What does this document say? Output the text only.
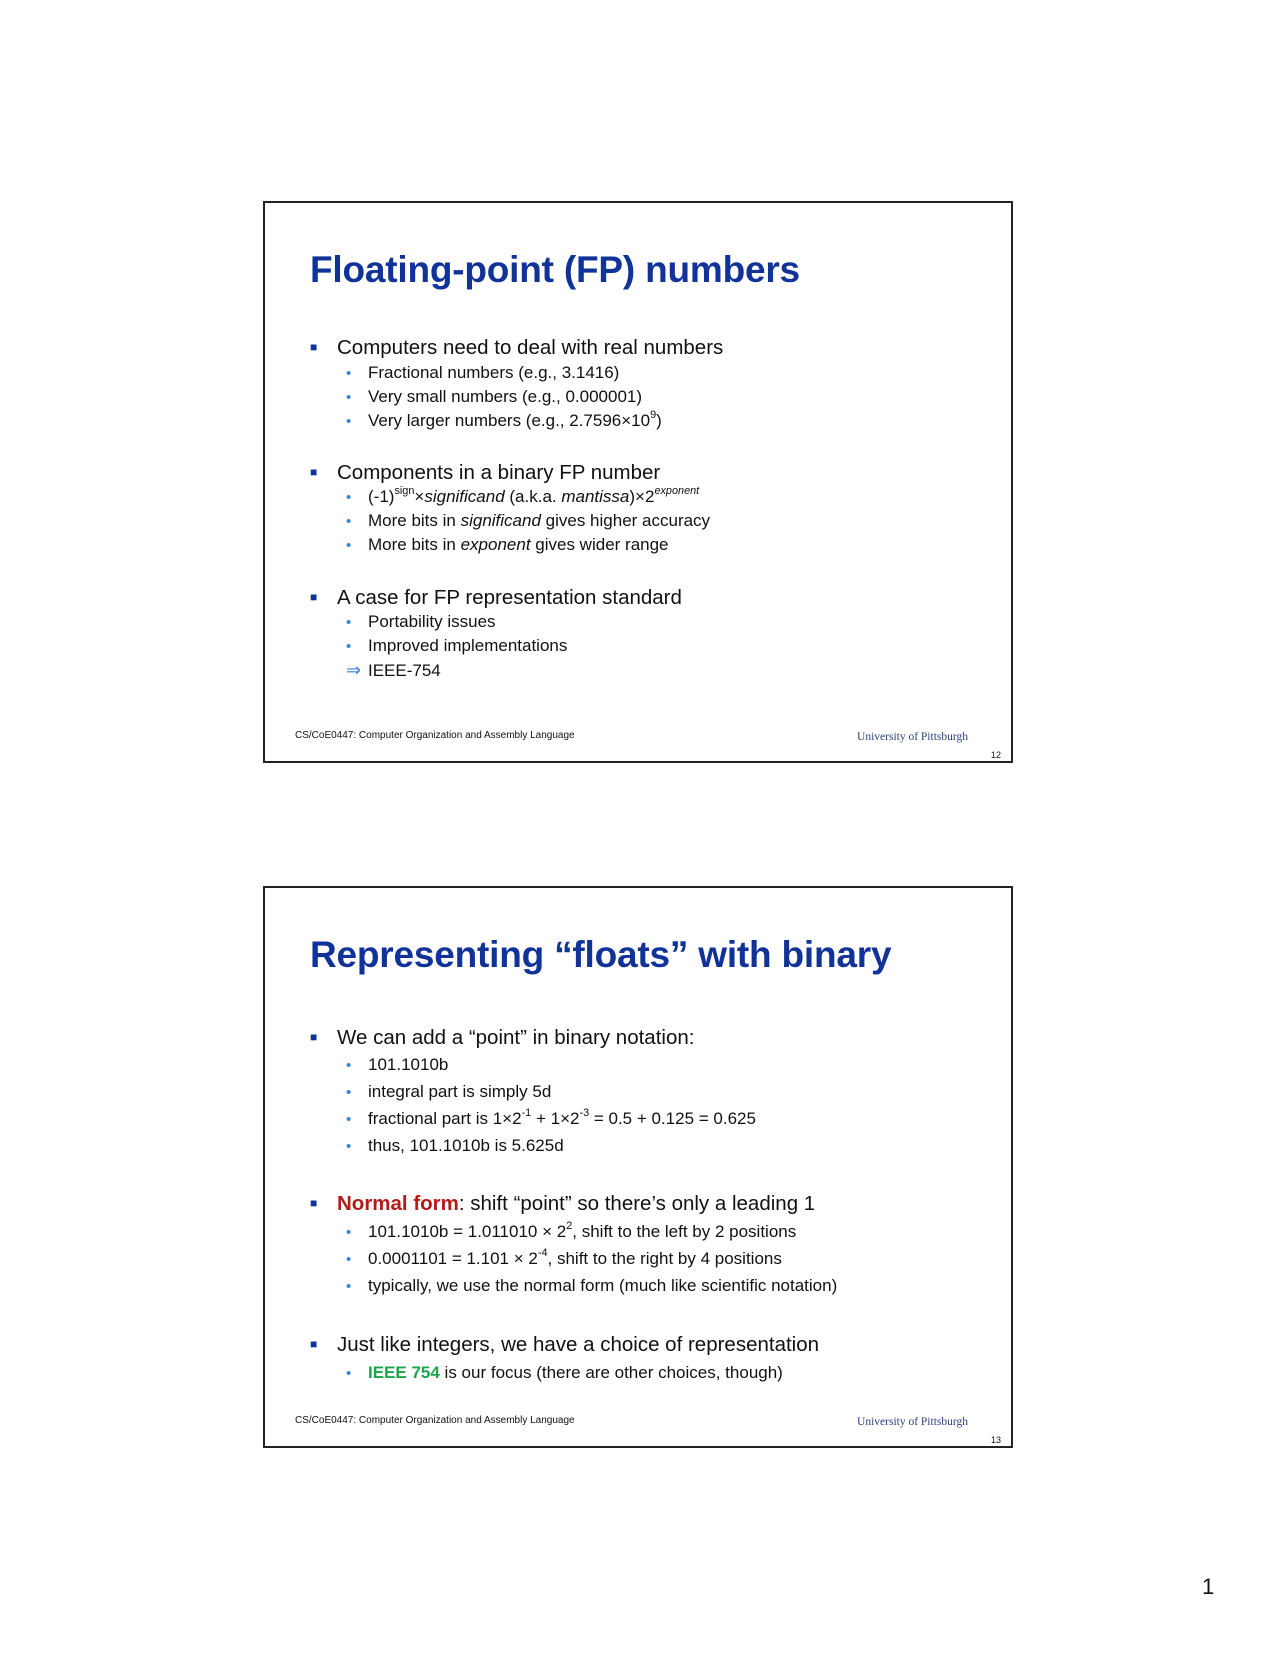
Floating-point (FP) numbers
■ Computers need to deal with real numbers
• Fractional numbers (e.g., 3.1416)
• Very small numbers (e.g., 0.000001)
• Very larger numbers (e.g., $2.7596\times 10^9$)
■ Components in a binary FP number
• $(-1)^{sign}\times significand$ (a.k.a. $mantissa)\times 2^{exponent}$
• More bits in significand gives higher accuracy
• More bits in exponent gives wider range
■ A case for FP representation standard
• Portability issues
• Improved implementations
⇒ IEEE-754
CS/CoE0447: Computer Organization and Assembly Language	University of Pittsburgh
12
Representing “floats” with binary
■ We can add a “point” in binary notation:
• 101.1010b
• integral part is simply 5d
• fractional part is $1\times 2^{-1} + 1\times 2^{-3} = 0.5 + 0.125 = 0.625$
• thus, 101.1010b is 5.625d
■ Normal form: shift “point” so there’s only a leading 1
• $101.1010b = 1.011010 \times 2^2$, shift to the left by 2 positions
• $0.0001101 = 1.101 \times 2^{-4}$, shift to the right by 4 positions
• typically, we use the normal form (much like scientific notation)
■ Just like integers, we have a choice of representation
• IEEE 754 is our focus (there are other choices, though)
CS/CoE0447: Computer Organization and Assembly Language	University of Pittsburgh
13
1
